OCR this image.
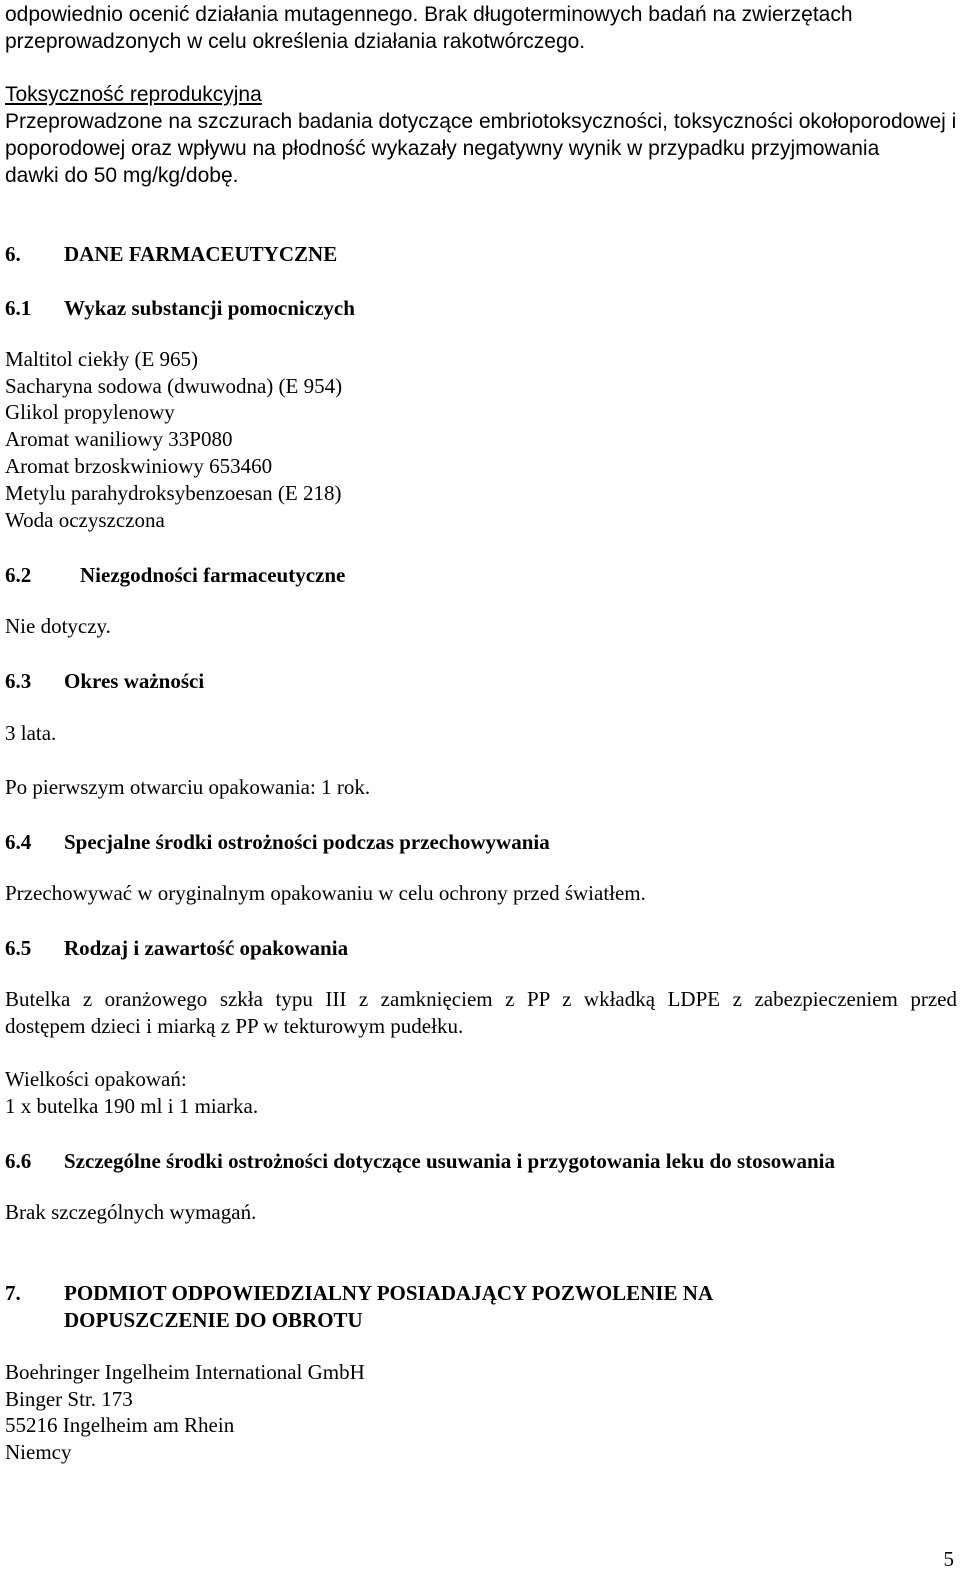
odpowiednio ocenić działania mutagennego. Brak długoterminowych badań na zwierzętach
przeprowadzonych w celu określenia działania rakotwórczego.
Toksyczność reprodukcyjna
Przeprowadzone na szczurach badania dotyczące embriotoksyczności, toksyczności okołoporodowej i
poporodowej oraz wpływu na płodność wykazały negatywny wynik w przypadku przyjmowania
dawki do 50 mg/kg/dobę.
6. DANE FARMACEUTYCZNE
6.1 Wykaz substancji pomocniczych
Maltitol ciekły (E 965)
Sacharyna sodowa (dwuwodna) (E 954)
Glikol propylenowy
Aromat waniliowy 33P080
Aromat brzoskwiniowy 653460
Metylu parahydroksybenzoesan (E 218)
Woda oczyszczona
6.2 Niezgodności farmaceutyczne
Nie dotyczy.
6.3 Okres ważności
3 lata.
Po pierwszym otwarciu opakowania: 1 rok.
6.4 Specjalne środki ostrożności podczas przechowywania
Przechowywać w oryginalnym opakowaniu w celu ochrony przed światłem.
6.5 Rodzaj i zawartość opakowania
Butelka z oranżowego szkła typu III z zamknięciem z PP z wkładką LDPE z zabezpieczeniem przed
dostępem dzieci i miarką z PP w tekturowym pudełku.
Wielkości opakowań:
1 x butelka 190 ml i 1 miarka.
6.6 Szczególne środki ostrożności dotyczące usuwania i przygotowania leku do stosowania
Brak szczególnych wymagań.
7. PODMIOT ODPOWIEDZIALNY POSIADAJĄCY POZWOLENIE NA
DOPUSZCZENIE DO OBROTU
Boehringer Ingelheim International GmbH
Binger Str. 173
55216 Ingelheim am Rhein
Niemcy
5
